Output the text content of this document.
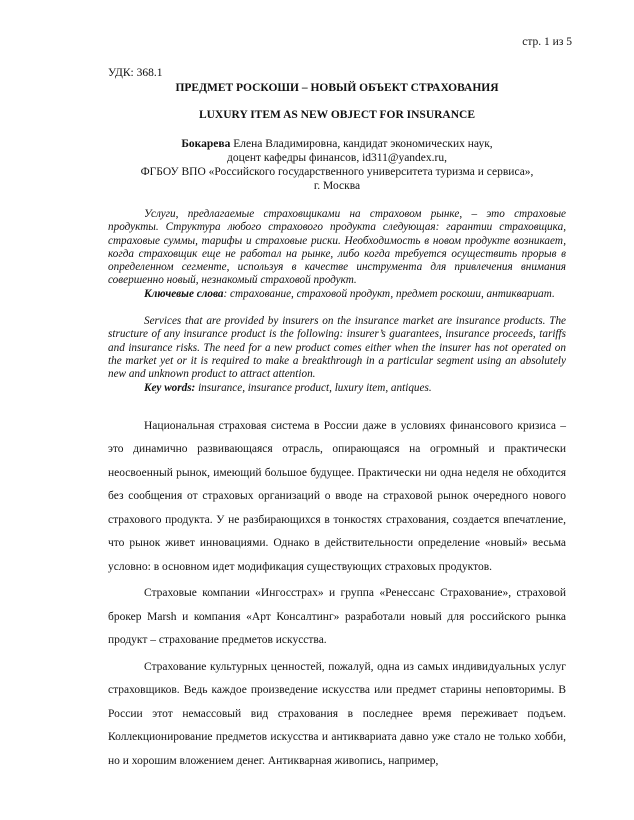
стр. 1 из 5
УДК: 368.1
ПРЕДМЕТ РОСКОШИ – НОВЫЙ ОБЪЕКТ СТРАХОВАНИЯ
LUXURY ITEM AS NEW OBJECT FOR INSURANCE
Бокарева Елена Владимировна, кандидат экономических наук,
доцент кафедры финансов, id311@yandex.ru,
ФГБОУ ВПО «Российского государственного университета туризма и сервиса»,
г. Москва

Услуги, предлагаемые страховщиками на страховом рынке, – это страховые продукты. Структура любого страхового продукта следующая: гарантии страховщика, страховые суммы, тарифы и страховые риски. Необходимость в новом продукте возникает, когда страховщик еще не работал на рынке, либо когда требуется осуществить прорыв в определенном сегменте, используя в качестве инструмента для привлечения внимания совершенно новый, незнакомый страховой продукт.

Ключевые слова: страхование, страховой продукт, предмет роскоши, антиквариат.

Services that are provided by insurers on the insurance market are insurance products. The structure of any insurance product is the following: insurer’s guarantees, insurance proceeds, tariffs and insurance risks. The need for a new product comes either when the insurer has not operated on the market yet or it is required to make a breakthrough in a particular segment using an absolutely new and unknown product to attract attention.

Key words: insurance, insurance product, luxury item, antiques.

Национальная страховая система в России даже в условиях финансового кризиса – это динамично развивающаяся отрасль, опирающаяся на огромный и практически неосвоенный рынок, имеющий большое будущее. Практически ни одна неделя не обходится без сообщения от страховых организаций о вводе на страховой рынок очередного нового страхового продукта. У не разбирающихся в тонкостях страхования, создается впечатление, что рынок живет инновациями. Однако в действительности определение «новый» весьма условно: в основном идет модификация существующих страховых продуктов.

Страховые компании «Ингосстрах» и группа «Ренессанс Страхование», страховой брокер Marsh и компания «Арт Консалтинг» разработали новый для российского рынка продукт – страхование предметов искусства.

Страхование культурных ценностей, пожалуй, одна из самых индивидуальных услуг страховщиков. Ведь каждое произведение искусства или предмет старины неповторимы. В России этот немассовый вид страхования в последнее время переживает подъем. Коллекционирование предметов искусства и антиквариата давно уже стало не только хобби, но и хорошим вложением денег. Антикварная живопись, например,
